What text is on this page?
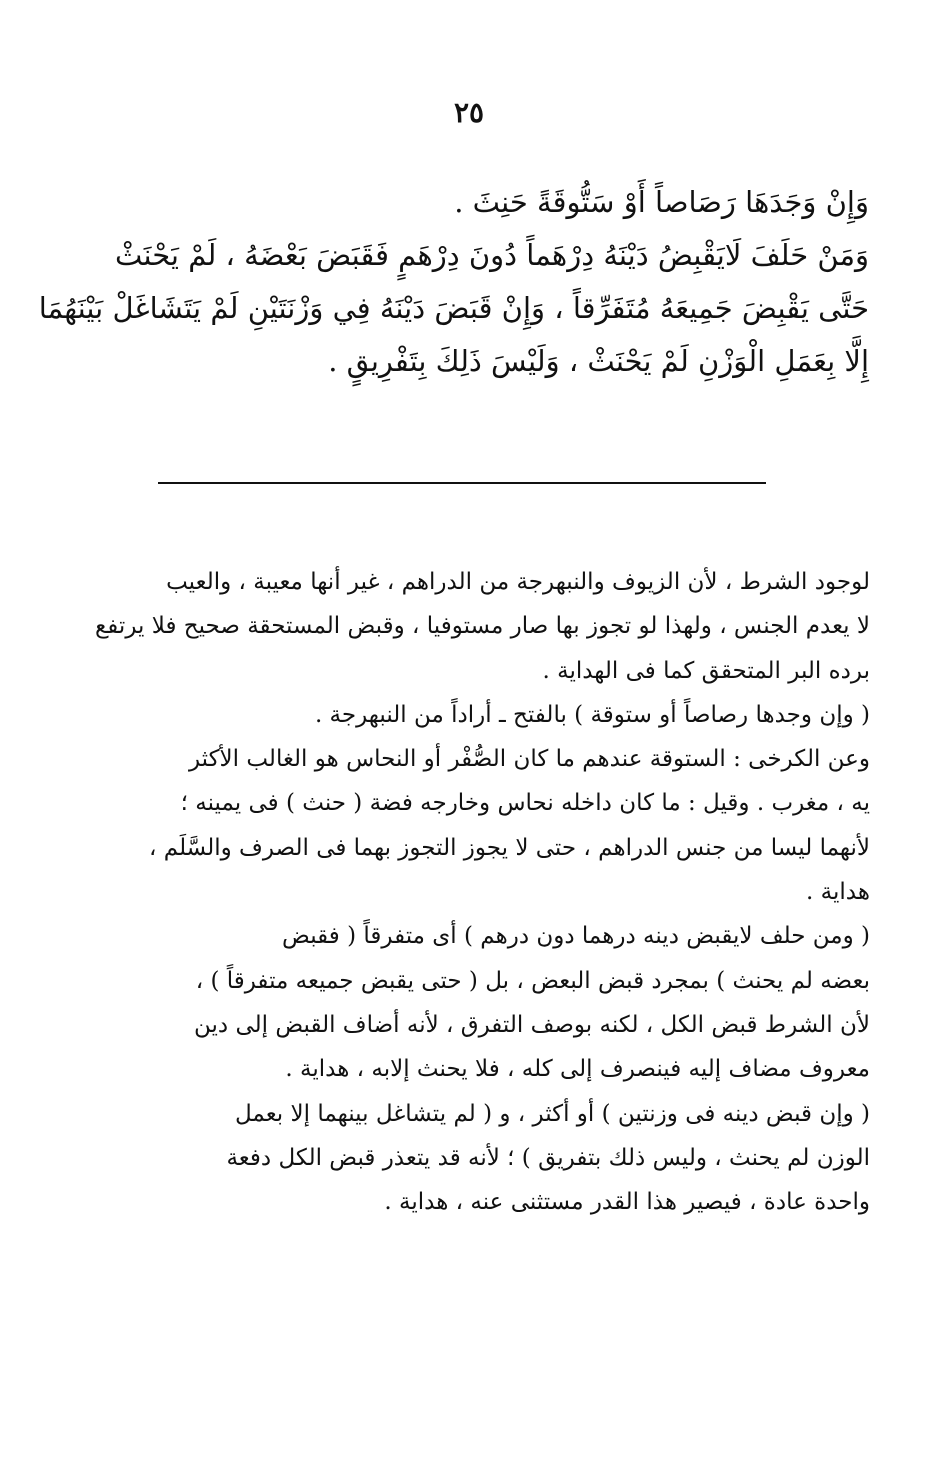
٢٥
وَإِنْ وَجَدَهَا رَصَاصاً أَوْ سَتُّوقَةً حَنِثَ .
وَمَنْ حَلَفَ لَايَقْبِضُ دَيْنَهُ دِرْهَماً دُونَ دِرْهَمٍ فَقَبَضَ بَعْضَهُ ، لَمْ يَحْنَثْ
حَتَّى يَقْبِضَ جَمِيعَهُ مُتَفَرِّقاً ، وَإِنْ قَبَضَ دَيْنَهُ فِي وَزْنَتَيْنِ لَمْ يَتَشَاغَلْ بَيْنَهُمَا
إِلَّا بِعَمَلِ الْوَزْنِ لَمْ يَحْنَثْ ، وَلَيْسَ ذَلِكَ بِتَفْرِيقٍ .
لوجود الشرط ، لأن الزيوف والنبهرجة من الدراهم ، غير أنها معيبة ، والعيب
لا يعدم الجنس ، ولهذا لو تجوز بها صار مستوفيا ، وقبض المستحقة صحيح فلا يرتفع
برده البر المتحقق كما فى الهداية .
( وإن وجدها رصاصاً أو ستوقة ) بالفتح ـ أراداً من النبهرجة .
وعن الكرخى : الستوقة عندهم ما كان الصُّفْر أو النحاس هو الغالب الأكثر
يه ، مغرب . وقيل : ما كان داخله نحاس وخارجه فضة ( حنث ) فى يمينه ؛
لأنهما ليسا من جنس الدراهم ، حتى لا يجوز التجوز بهما فى الصرف والسَّلَم ،
هداية .
( ومن حلف لايقبض دينه درهما دون درهم ) أى متفرقاً ( فقبض
بعضه لم يحنث ) بمجرد قبض البعض ، بل ( حتى يقبض جميعه متفرقاً ) ،
لأن الشرط قبض الكل ، لكنه بوصف التفرق ، لأنه أضاف القبض إلى دين
معروف مضاف إليه فينصرف إلى كله ، فلا يحنث إلابه ، هداية .
( وإن قبض دينه فى وزنتين ) أو أكثر ، و ( لم يتشاغل بينهما إلا بعمل
الوزن لم يحنث ، وليس ذلك بتفريق ) ؛ لأنه قد يتعذر قبض الكل دفعة
واحدة عادة ، فيصير هذا القدر مستثنى عنه ، هداية .
